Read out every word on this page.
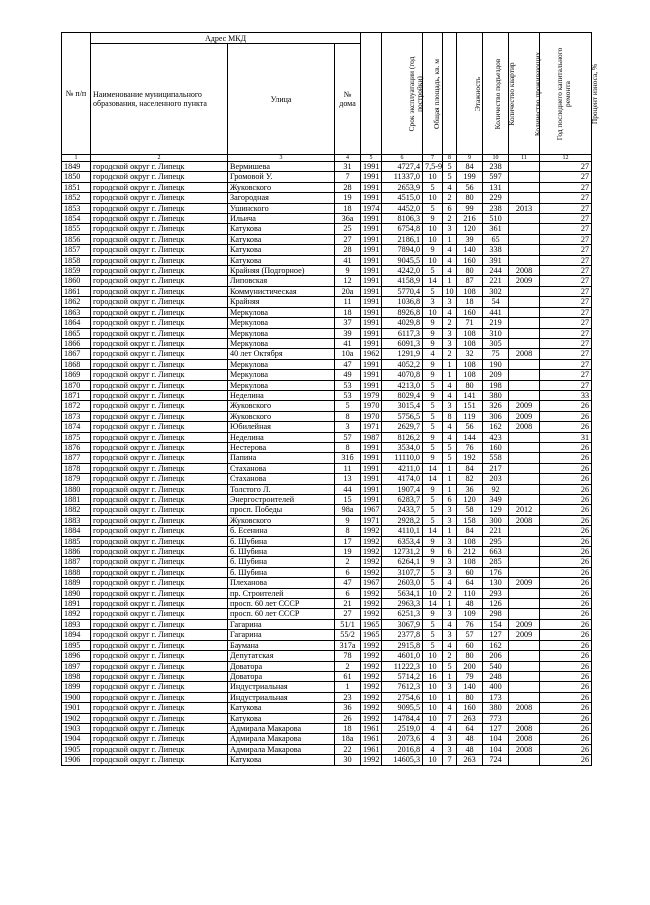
№ п/п	Адрес МКД			Срок эксплуатации (год постройки)	Общая площадь, кв. м	Этажность	Количество подъездов	Количество квартир	Количество проживающих	Год последнего капитального ремонта	Процент износа, %
	Наименование муниципального образования, населенного пункта	Улица	№ дома								
1	2	3	4	5	6	7	8	9	10	11	12
1849	городской округ г. Липецк	Вермишева	31	1991	4727,4	7,5-9	5	84	238		27
1850	городской округ г. Липецк	Громовой У.	7	1991	11337,0	10	5	199	597		27
1851	городской округ г. Липецк	Жуковского	28	1991	2653,9	5	4	56	131		27
1852	городской округ г. Липецк	Загородная	19	1991	4515,0	10	2	80	229		27
1853	городской округ г. Липецк	Ушинского	18	1974	4452,0	5	6	99	238	2013	27
1854	городской округ г. Липецк	Ильича	36а	1991	8106,3	9	2	216	510		27
1855	городской округ г. Липецк	Катукова	25	1991	6754,8	10	3	120	361		27
1856	городской округ г. Липецк	Катукова	27	1991	2186,1	10	1	39	65		27
1857	городской округ г. Липецк	Катукова	28	1991	7894,0	9	4	140	338		27
1858	городской округ г. Липецк	Катукова	41	1991	9045,5	10	4	160	391		27
1859	городской округ г. Липецк	Крайняя (Подгорное)	9	1991	4242,0	5	4	80	244	2008	27
1860	городской округ г. Липецк	Липовская	12	1991	4158,9	14	1	87	221	2009	27
1861	городской округ г. Липецк	Коммунистическая	20а	1991	5770,4	5	10	108	302		27
1862	городской округ г. Липецк	Крайняя	11	1991	1036,8	3	3	18	54		27
1863	городской округ г. Липецк	Меркулова	18	1991	8926,8	10	4	160	441		27
1864	городской округ г. Липецк	Меркулова	37	1991	4029,8	9	2	71	219		27
1865	городской округ г. Липецк	Меркулова	39	1991	6117,3	9	3	108	310		27
1866	городской округ г. Липецк	Меркулова	41	1991	6091,3	9	3	108	305		27
1867	городской округ г. Липецк	40 лет Октября	10а	1962	1291,9	4	2	32	75	2008	27
1868	городской округ г. Липецк	Меркулова	47	1991	4052,2	9	1	108	190		27
1869	городской округ г. Липецк	Меркулова	49	1991	4070,8	9	1	108	209		27
1870	городской округ г. Липецк	Меркулова	53	1991	4213,0	5	4	80	198		27
1871	городской округ г. Липецк	Неделина	53	1979	8029,4	9	4	141	380		33
1872	городской округ г. Липецк	Жуковского	5	1970	3015,4	5	3	151	326	2009	26
1873	городской округ г. Липецк	Жуковского	8	1970	5756,5	5	8	119	306	2009	26
1874	городской округ г. Липецк	Юбилейная	3	1971	2629,7	5	4	56	162	2008	26
1875	городской округ г. Липецк	Неделина	57	1987	8126,2	9	4	144	423		31
1876	городской округ г. Липецк	Нестерова	8	1991	3534,0	5	5	76	160		26
1877	городской округ г. Липецк	Папина	31б	1991	11110,0	9	5	192	558		26
1878	городской округ г. Липецк	Стаханова	11	1991	4211,0	14	1	84	217		26
1879	городской округ г. Липецк	Стаханова	13	1991	4174,0	14	1	82	203		26
1880	городской округ г. Липецк	Толстого Л.	44	1991	1907,4	9	1	36	92		26
1881	городской округ г. Липецк	Энергостроителей	15	1991	6283,7	5	6	120	349		26
1882	городской округ г. Липецк	просп. Победы	98а	1967	2433,7	5	3	58	129	2012	26
1883	городской округ г. Липецк	Жуковского	9	1971	2928,2	5	3	158	300	2008	26
1884	городской округ г. Липецк	б. Есенина	8	1992	4110,1	14	1	84	221		26
1885	городской округ г. Липецк	б. Шубина	17	1992	6353,4	9	3	108	295		26
1886	городской округ г. Липецк	б. Шубина	19	1992	12731,2	9	6	212	663		26
1887	городской округ г. Липецк	б. Шубина	2	1992	6264,1	9	3	108	285		26
1888	городской округ г. Липецк	б. Шубина	6	1992	3107,7	5	3	60	176		26
1889	городской округ г. Липецк	Плеханова	47	1967	2603,0	5	4	64	130	2009	26
1890	городской округ г. Липецк	пр. Строителей	6	1992	5634,1	10	2	110	293		26
1891	городской округ г. Липецк	просп. 60 лет СССР	21	1992	2963,3	14	1	48	126		26
1892	городской округ г. Липецк	просп. 60 лет СССР	27	1992	6251,3	9	3	109	298		26
1893	городской округ г. Липецк	Гагарина	51/1	1965	3067,9	5	4	76	154	2009	26
1894	городской округ г. Липецк	Гагарина	55/2	1965	2377,8	5	3	57	127	2009	26
1895	городской округ г. Липецк	Баумана	317а	1992	2915,8	5	4	60	162		26
1896	городской округ г. Липецк	Депутатская	78	1992	4601,0	10	2	80	206		26
1897	городской округ г. Липецк	Доватора	2	1992	11222,3	10	5	200	540		26
1898	городской округ г. Липецк	Доватора	61	1992	5714,2	16	1	79	248		26
1899	городской округ г. Липецк	Индустриальная	1	1992	7612,3	10	3	140	400		26
1900	городской округ г. Липецк	Индустриальная	23	1992	2754,6	10	1	80	173		26
1901	городской округ г. Липецк	Катукова	36	1992	9095,5	10	4	160	380	2008	26
1902	городской округ г. Липецк	Катукова	26	1992	14784,4	10	7	263	773		26
1903	городской округ г. Липецк	Адмирала Макарова	18	1961	2519,0	4	4	64	127	2008	26
1904	городской округ г. Липецк	Адмирала Макарова	18а	1961	2073,6	4	3	48	104	2008	26
1905	городской округ г. Липецк	Адмирала Макарова	22	1961	2016,8	4	3	48	104	2008	26
1906	городской округ г. Липецк	Катукова	30	1992	14605,3	10	7	263	724		26
